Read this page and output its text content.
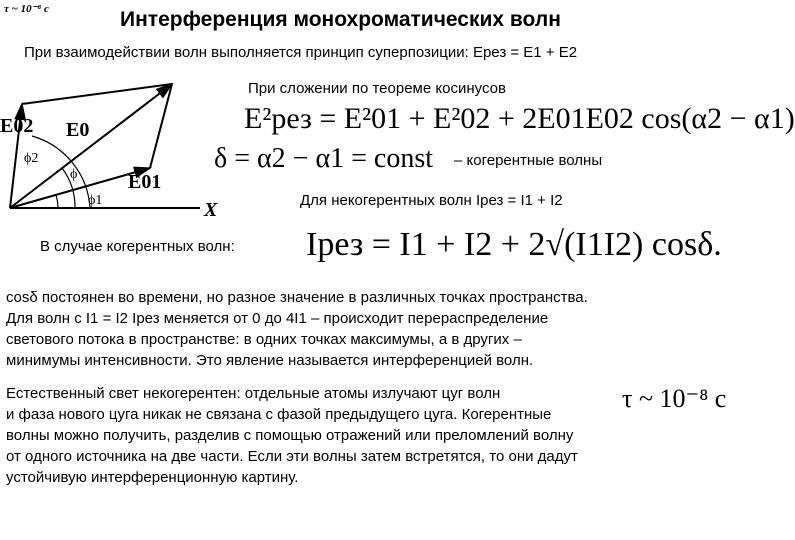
τ ~ 10⁻⁸ c	Интерференция монохроматических волн
При взаимодействии волн выполняется принцип суперпозиции: Eрез = E1 + E2
E02 E0
E01
ϕ2
ϕ
ϕ1	X
При сложении по теореме косинусов
E²рез = E²01 + E²02 + 2E01E02 cos(α2 − α1)
δ = α2 − α1 = const – когерентные волны
Для некогерентных волн Iрез = I1 + I2
В случае когерентных волн: Iрез = I1 + I2 + 2√(I1I2) cosδ.
cosδ постоянен во времени, но разное значение в различных точках пространства.
Для волн с I1 = I2 Iрез меняется от 0 до 4I1 – происходит перераспределение
светового потока в пространстве: в одних точках максимумы, а в других –
минимумы интенсивности. Это явление называется интерференцией волн.
Естественный свет некогерентен: отдельные атомы излучают цуг волн
и фаза нового цуга никак не связана с фазой предыдущего цуга. Когерентные
волны можно получить, разделив с помощью отражений или преломлений волну
от одного источника на две части. Если эти волны затем встретятся, то они дадут
устойчивую интерференционную картину.
τ ~ 10⁻⁸ c
